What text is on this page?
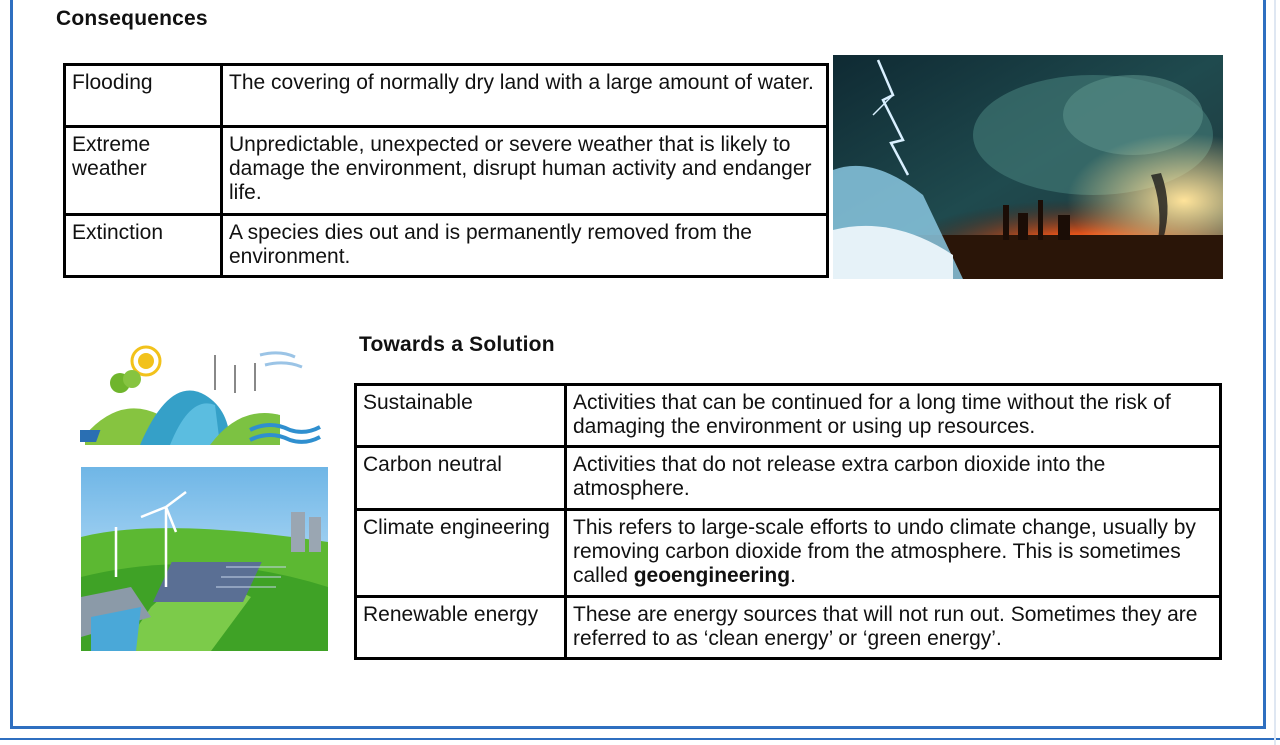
Consequences
Flooding	The covering of normally dry land with a large amount of water.
Extreme weather	Unpredictable, unexpected or severe weather that is likely to damage the environment, disrupt human activity and endanger life.
Extinction	A species dies out and is permanently removed from the environment.
Towards a Solution
Sustainable	Activities that can be continued for a long time without the risk of damaging the environment or using up resources.
Carbon neutral	Activities that do not release extra carbon dioxide into the atmosphere.
Climate engineering	This refers to large-scale efforts to undo climate change, usually by removing carbon dioxide from the atmosphere. This is sometimes called geoengineering.
Renewable energy	These are energy sources that will not run out. Sometimes they are referred to as ‘clean energy’ or ‘green energy’.
